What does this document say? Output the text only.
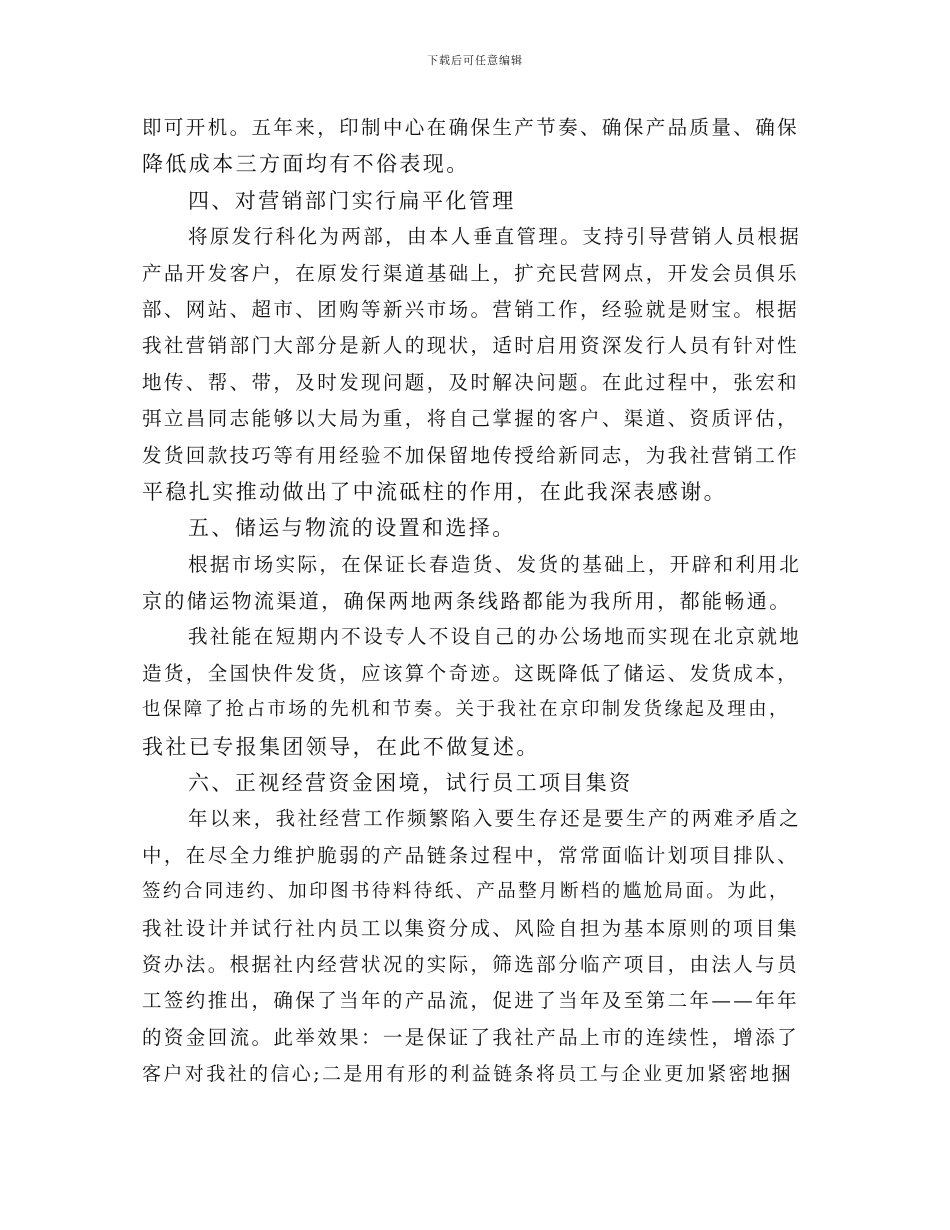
下载后可任意编辑
即可开机。五年来，印制中心在确保生产节奏、确保产品质量、确保
降低成本三方面均有不俗表现。
四、对营销部门实行扁平化管理
将原发行科化为两部，由本人垂直管理。支持引导营销人员根据
产品开发客户，在原发行渠道基础上，扩充民营网点，开发会员俱乐
部、网站、超市、团购等新兴市场。营销工作，经验就是财宝。根据
我社营销部门大部分是新人的现状，适时启用资深发行人员有针对性
地传、帮、带，及时发现问题，及时解决问题。在此过程中，张宏和
弭立昌同志能够以大局为重，将自己掌握的客户、渠道、资质评估，
发货回款技巧等有用经验不加保留地传授给新同志，为我社营销工作
平稳扎实推动做出了中流砥柱的作用，在此我深表感谢。
五、储运与物流的设置和选择。
根据市场实际，在保证长春造货、发货的基础上，开辟和利用北
京的储运物流渠道，确保两地两条线路都能为我所用，都能畅通。
我社能在短期内不设专人不设自己的办公场地而实现在北京就地
造货，全国快件发货，应该算个奇迹。这既降低了储运、发货成本，
也保障了抢占市场的先机和节奏。关于我社在京印制发货缘起及理由，
我社已专报集团领导，在此不做复述。
六、正视经营资金困境，试行员工项目集资
年以来，我社经营工作频繁陷入要生存还是要生产的两难矛盾之
中，在尽全力维护脆弱的产品链条过程中，常常面临计划项目排队、
签约合同违约、加印图书待料待纸、产品整月断档的尴尬局面。为此，
我社设计并试行社内员工以集资分成、风险自担为基本原则的项目集
资办法。根据社内经营状况的实际，筛选部分临产项目，由法人与员
工签约推出，确保了当年的产品流，促进了当年及至第二年——年年
的资金回流。此举效果：一是保证了我社产品上市的连续性，增添了
客户对我社的信心;二是用有形的利益链条将员工与企业更加紧密地捆
